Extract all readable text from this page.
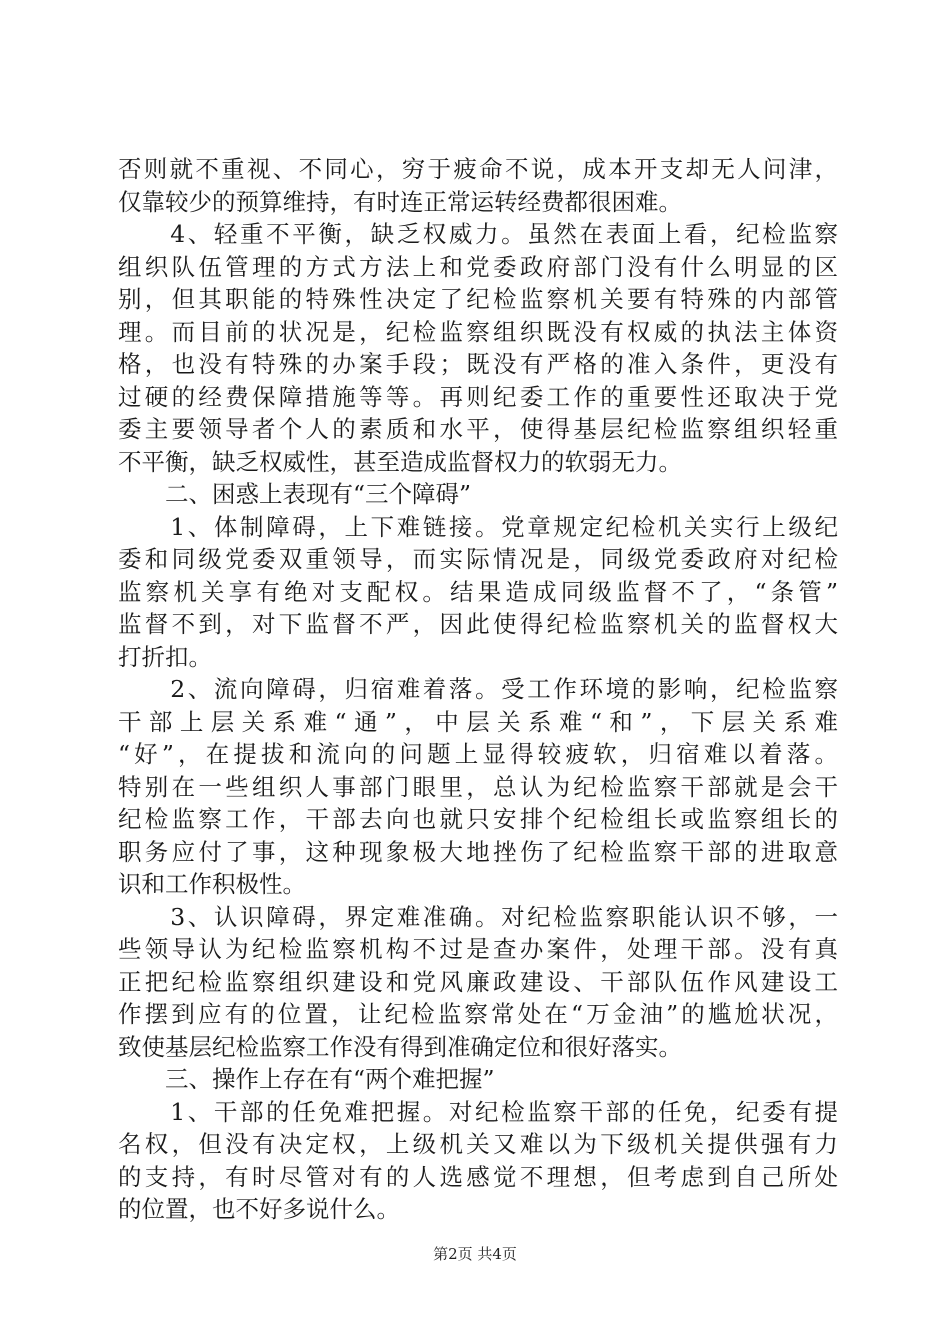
否则就不重视、不同心，穷于疲命不说，成本开支却无人问津，
仅靠较少的预算维持，有时连正常运转经费都很困难。
　　4、轻重不平衡，缺乏权威力。虽然在表面上看，纪检监察
组织队伍管理的方式方法上和党委政府部门没有什么明显的区
别，但其职能的特殊性决定了纪检监察机关要有特殊的内部管
理。而目前的状况是，纪检监察组织既没有权威的执法主体资
格，也没有特殊的办案手段；既没有严格的准入条件，更没有
过硬的经费保障措施等等。再则纪委工作的重要性还取决于党
委主要领导者个人的素质和水平，使得基层纪检监察组织轻重
不平衡，缺乏权威性，甚至造成监督权力的软弱无力。
　　二、困惑上表现有“三个障碍”
　　1、体制障碍，上下难链接。党章规定纪检机关实行上级纪
委和同级党委双重领导，而实际情况是，同级党委政府对纪检
监察机关享有绝对支配权。结果造成同级监督不了，“条管”
监督不到，对下监督不严，因此使得纪检监察机关的监督权大
打折扣。
　　2、流向障碍，归宿难着落。受工作环境的影响，纪检监察
干部上层关系难“通”，中层关系难“和”，下层关系难
“好”，在提拔和流向的问题上显得较疲软，归宿难以着落。
特别在一些组织人事部门眼里，总认为纪检监察干部就是会干
纪检监察工作，干部去向也就只安排个纪检组长或监察组长的
职务应付了事，这种现象极大地挫伤了纪检监察干部的进取意
识和工作积极性。
　　3、认识障碍，界定难准确。对纪检监察职能认识不够，一
些领导认为纪检监察机构不过是查办案件，处理干部。没有真
正把纪检监察组织建设和党风廉政建设、干部队伍作风建设工
作摆到应有的位置，让纪检监察常处在“万金油”的尴尬状况，
致使基层纪检监察工作没有得到准确定位和很好落实。
　　三、操作上存在有“两个难把握”
　　1、干部的任免难把握。对纪检监察干部的任免，纪委有提
名权，但没有决定权，上级机关又难以为下级机关提供强有力
的支持，有时尽管对有的人选感觉不理想，但考虑到自己所处
的位置，也不好多说什么。
第2页 共4页
